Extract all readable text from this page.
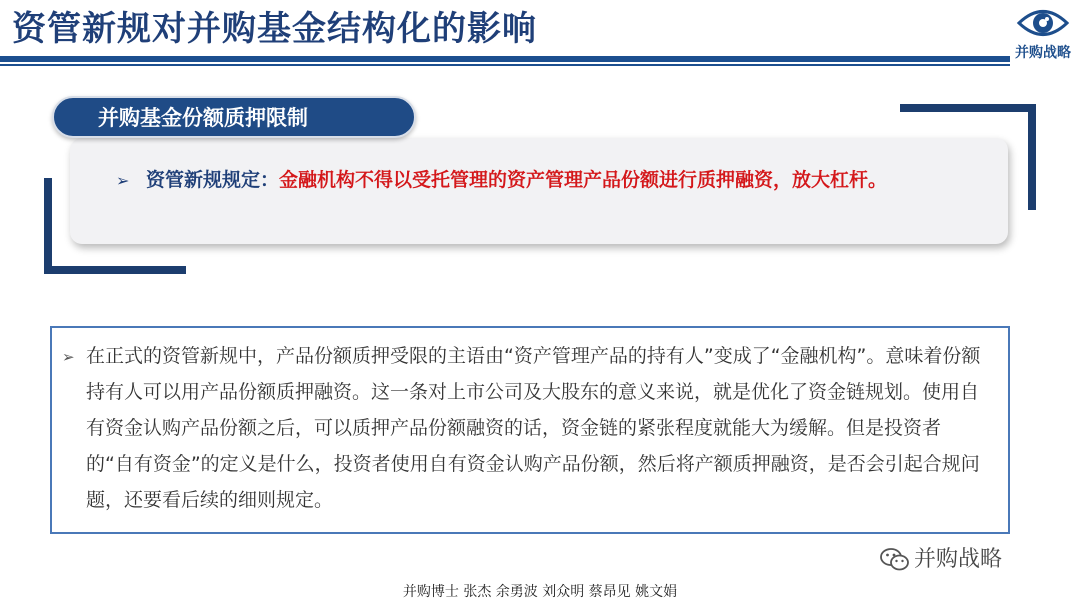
资管新规对并购基金结构化的影响
并购战略
➢ 资管新规规定：金融机构不得以受托管理的资产管理产品份额进行质押融资，放大杠杆。
并购基金份额质押限制
➢ 在正式的资管新规中，产品份额质押受限的主语由“资产管理产品的持有人”变成了“金融机构”。意味着份额持有人可以用产品份额质押融资。这一条对上市公司及大股东的意义来说，就是优化了资金链规划。使用自有资金认购产品份额之后，可以质押产品份额融资的话，资金链的紧张程度就能大为缓解。但是投资者的“自有资金”的定义是什么，投资者使用自有资金认购产品份额，然后将产额质押融资，是否会引起合规问题，还要看后续的细则规定。
并购战略
并购博士 张杰 余勇波 刘众明 蔡昂见 姚文娟
